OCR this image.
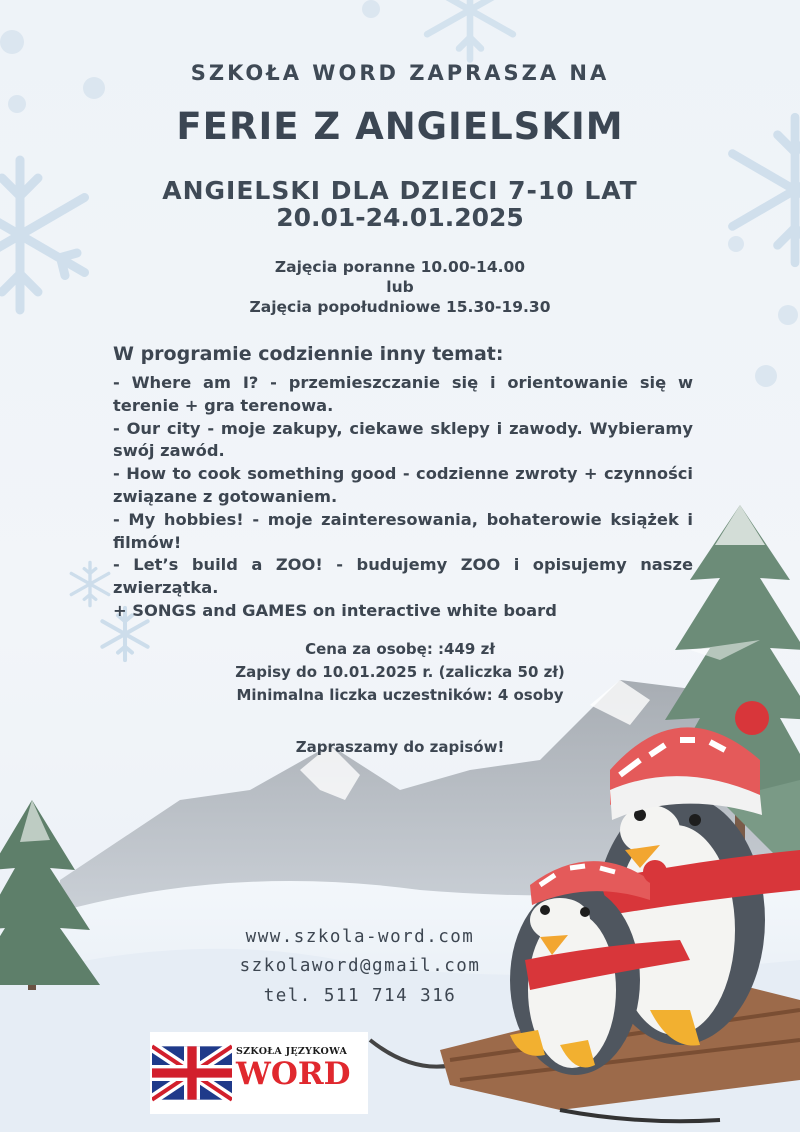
SZKOŁA WORD ZAPRASZA NA
FERIE Z ANGIELSKIM
ANGIELSKI DLA DZIECI 7-10 LAT
20.01-24.01.2025
Zajęcia poranne 10.00-14.00
lub
Zajęcia popołudniowe 15.30-19.30
W programie codziennie inny temat:
- Where am I? - przemieszczanie się i orientowanie się w terenie + gra terenowa.
- Our city - moje zakupy, ciekawe sklepy i zawody. Wybieramy swój zawód.
- How to cook something good - codzienne zwroty + czynności związane z gotowaniem.
- My hobbies! - moje zainteresowania, bohaterowie książek i filmów!
- Let’s build a ZOO! - budujemy ZOO i opisujemy nasze zwierzątka.
+ SONGS and GAMES on interactive white board
Cena za osobę: :449 zł
Zapisy do 10.01.2025 r. (zaliczka 50 zł)
Minimalna liczka uczestników: 4 osoby
Zapraszamy do zapisów!
www.szkola-word.com
szkolaword@gmail.com
tel. 511 714 316
SZKOŁA JĘZYKOWA
WORD
